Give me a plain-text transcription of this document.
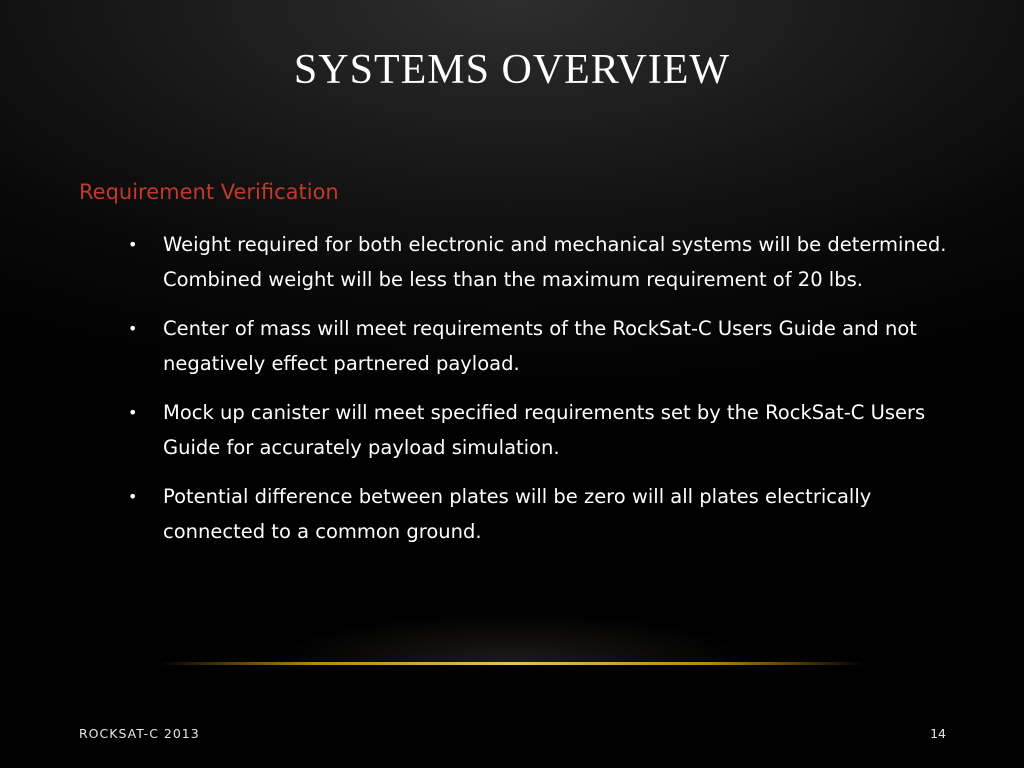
SYSTEMS OVERVIEW
Requirement Verification
• Weight required for both electronic and mechanical systems will be determined. Combined weight will be less than the maximum requirement of 20 lbs.
• Center of mass will meet requirements of the RockSat-C Users Guide and not negatively effect partnered payload.
• Mock up canister will meet specified requirements set by the RockSat-C Users Guide for accurately payload simulation.
• Potential difference between plates will be zero will all plates electrically connected to a common ground.
ROCKSAT-C 2013	14
